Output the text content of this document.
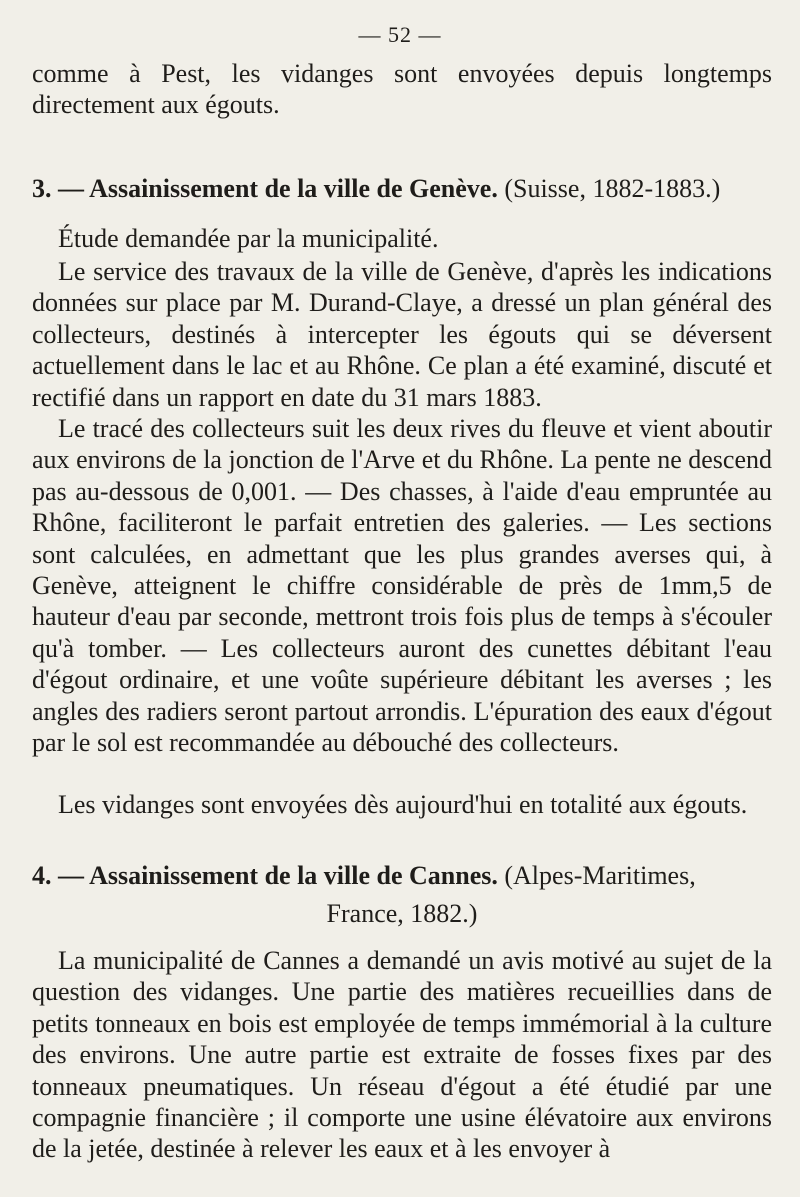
— 52 —
comme à Pest, les vidanges sont envoyées depuis longtemps directement aux égouts.
3. — Assainissement de la ville de Genève. (Suisse, 1882-1883.)
Étude demandée par la municipalité.
Le service des travaux de la ville de Genève, d'après les indications données sur place par M. Durand-Claye, a dressé un plan général des collecteurs, destinés à intercepter les égouts qui se déversent actuellement dans le lac et au Rhône. Ce plan a été examiné, discuté et rectifié dans un rapport en date du 31 mars 1883.
Le tracé des collecteurs suit les deux rives du fleuve et vient aboutir aux environs de la jonction de l'Arve et du Rhône. La pente ne descend pas au-dessous de 0,001. — Des chasses, à l'aide d'eau empruntée au Rhône, faciliteront le parfait entretien des galeries. — Les sections sont calculées, en admettant que les plus grandes averses qui, à Genève, atteignent le chiffre considérable de près de 1mm,5 de hauteur d'eau par seconde, mettront trois fois plus de temps à s'écouler qu'à tomber. — Les collecteurs auront des cunettes débitant l'eau d'égout ordinaire, et une voûte supérieure débitant les averses ; les angles des radiers seront partout arrondis. L'épuration des eaux d'égout par le sol est recommandée au débouché des collecteurs.
Les vidanges sont envoyées dès aujourd'hui en totalité aux égouts.
4. — Assainissement de la ville de Cannes. (Alpes-Maritimes,
France, 1882.)
La municipalité de Cannes a demandé un avis motivé au sujet de la question des vidanges. Une partie des matières recueillies dans de petits tonneaux en bois est employée de temps immémorial à la culture des environs. Une autre partie est extraite de fosses fixes par des tonneaux pneumatiques. Un réseau d'égout a été étudié par une compagnie financière ; il comporte une usine élévatoire aux environs de la jetée, destinée à relever les eaux et à les envoyer à
